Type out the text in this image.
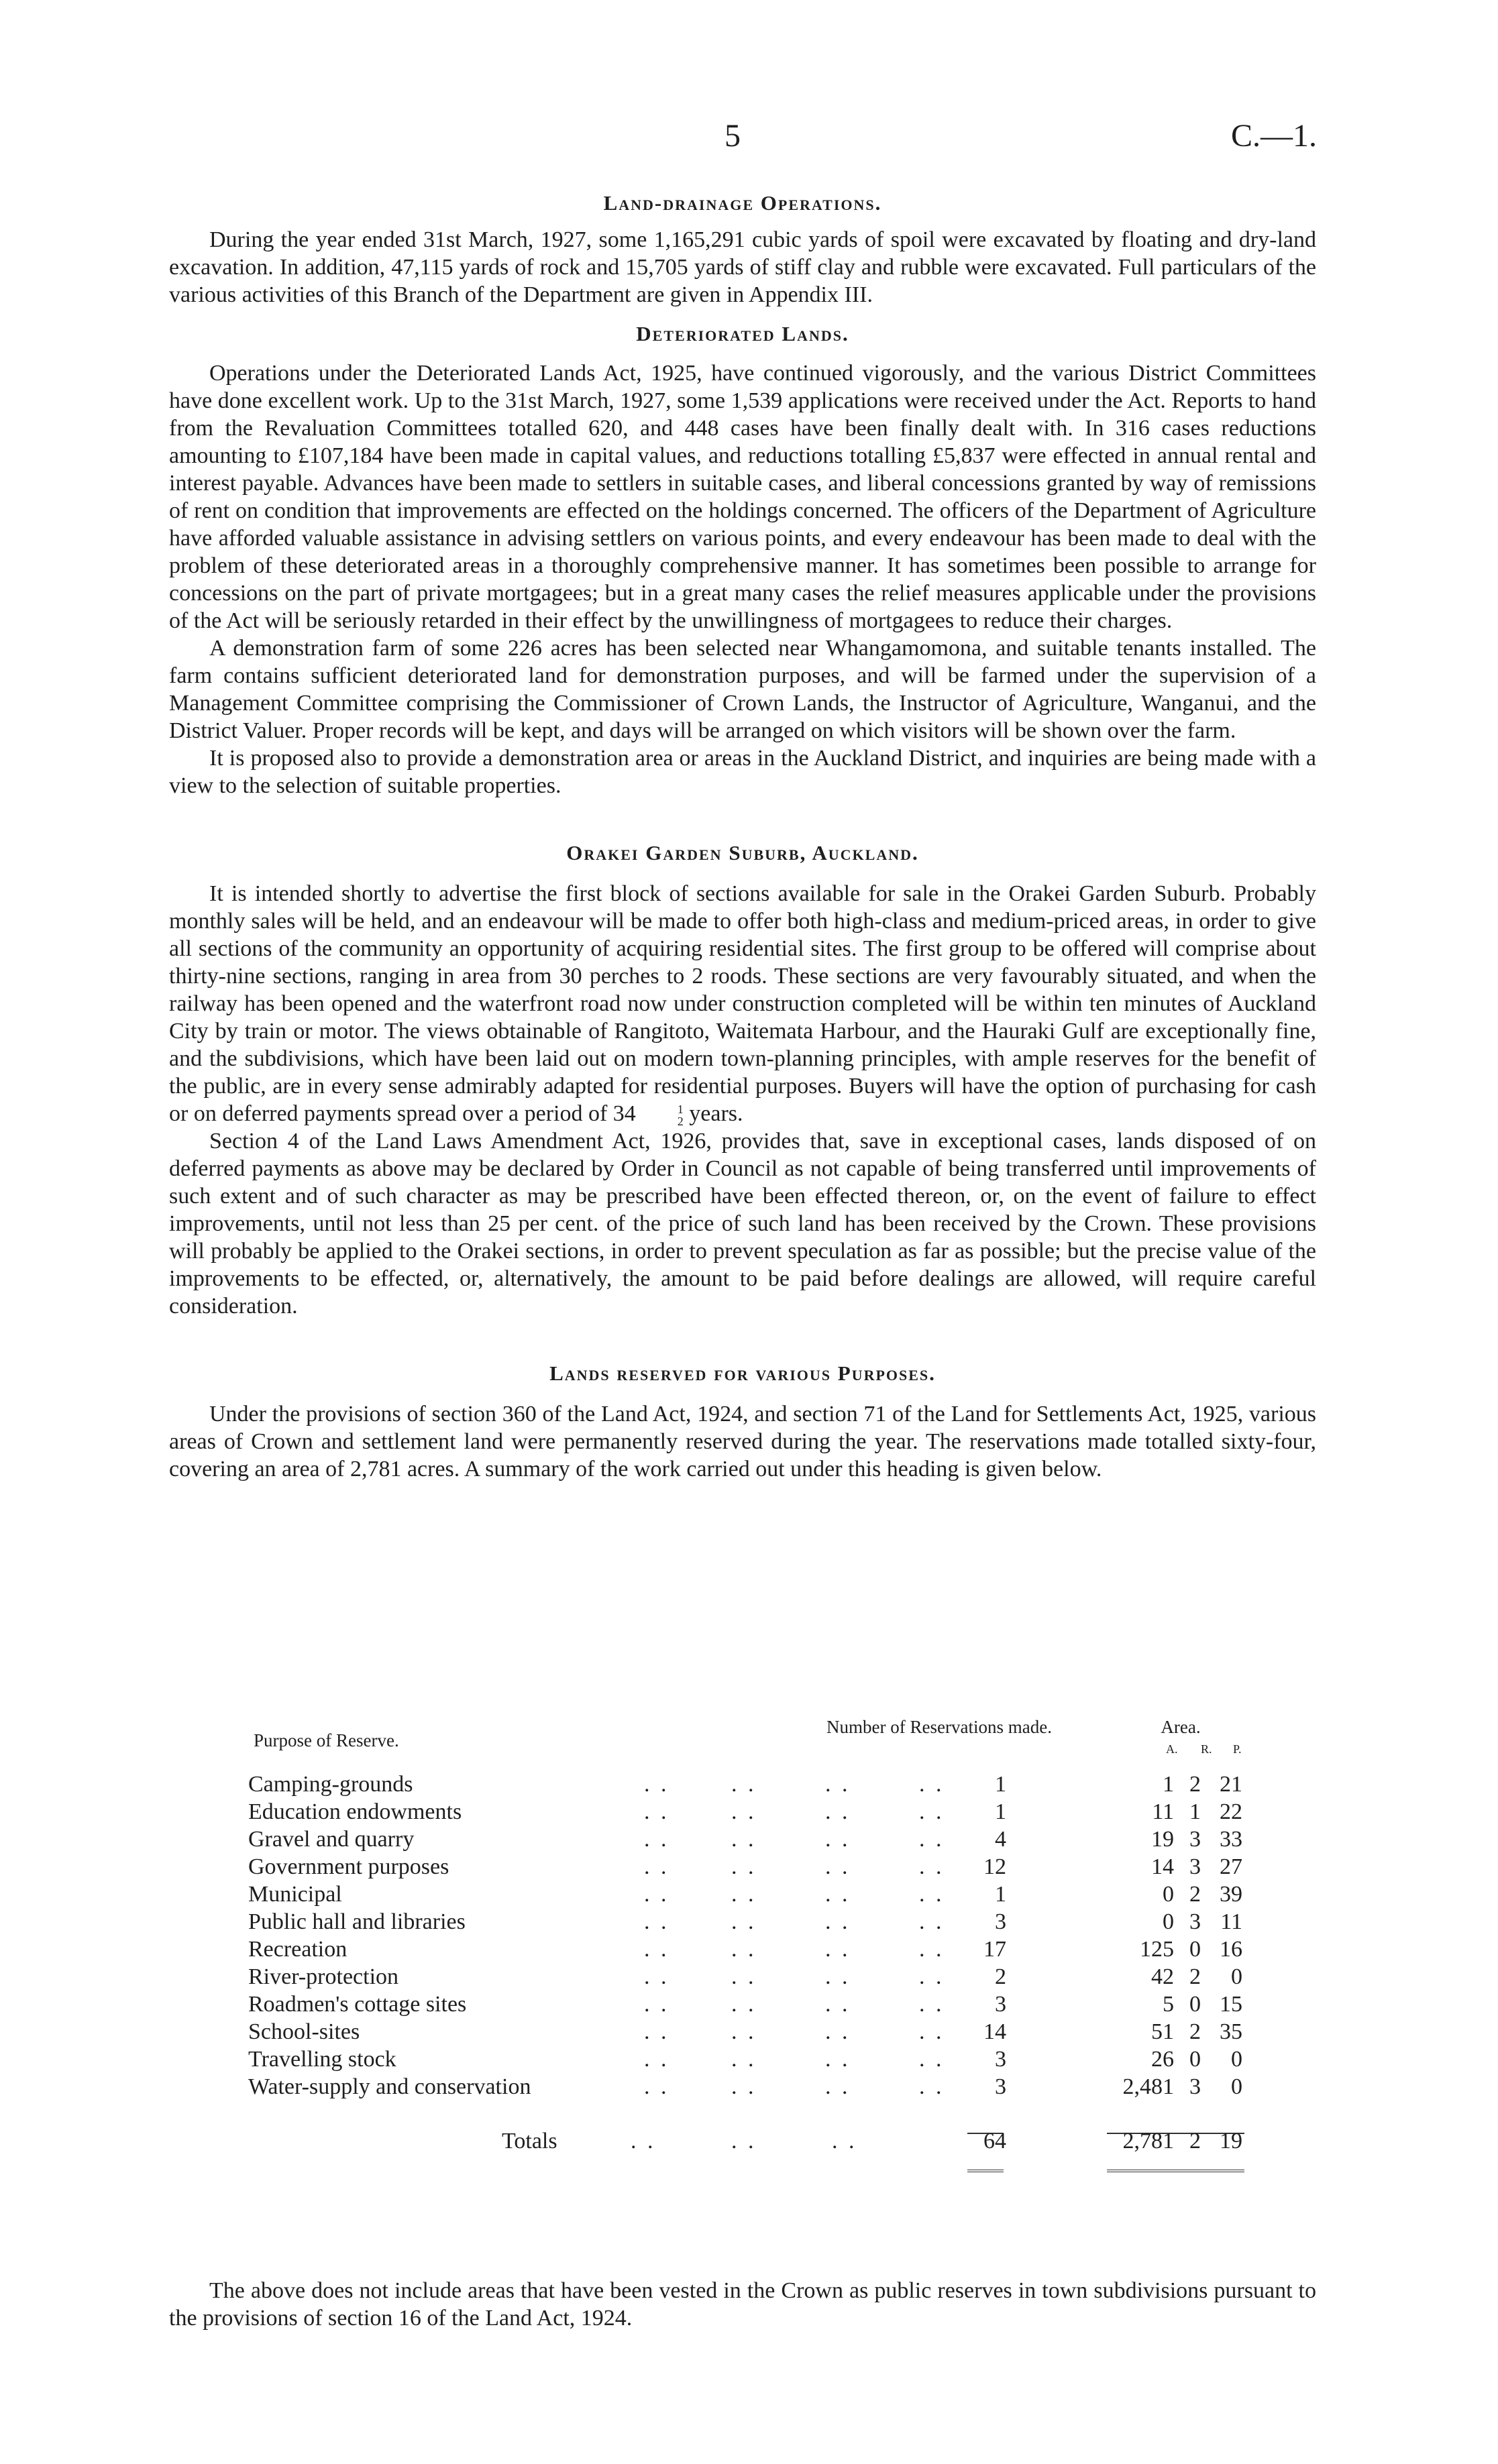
5	C.—1.
Land-drainage Operations.

During the year ended 31st March, 1927, some 1,165,291 cubic yards of spoil were excavated by floating and dry-land excavation. In addition, 47,115 yards of rock and 15,705 yards of stiff clay and rubble were excavated. Full particulars of the various activities of this Branch of the Department are given in Appendix III.

Deteriorated Lands.

Operations under the Deteriorated Lands Act, 1925, have continued vigorously, and the various District Committees have done excellent work. Up to the 31st March, 1927, some 1,539 applications were received under the Act. Reports to hand from the Revaluation Committees totalled 620, and 448 cases have been finally dealt with. In 316 cases reductions amounting to £107,184 have been made in capital values, and reductions totalling £5,837 were effected in annual rental and interest payable. Advances have been made to settlers in suitable cases, and liberal concessions granted by way of remissions of rent on condition that improvements are effected on the holdings concerned. The officers of the Department of Agriculture have afforded valuable assistance in advising settlers on various points, and every endeavour has been made to deal with the problem of these deteriorated areas in a thoroughly comprehensive manner. It has sometimes been possible to arrange for concessions on the part of private mortgagees; but in a great many cases the relief measures applicable under the provisions of the Act will be seriously retarded in their effect by the unwillingness of mortgagees to reduce their charges.

A demonstration farm of some 226 acres has been selected near Whangamomona, and suitable tenants installed. The farm contains sufficient deteriorated land for demonstration purposes, and will be farmed under the supervision of a Management Committee comprising the Commissioner of Crown Lands, the Instructor of Agriculture, Wanganui, and the District Valuer. Proper records will be kept, and days will be arranged on which visitors will be shown over the farm.

It is proposed also to provide a demonstration area or areas in the Auckland District, and inquiries are being made with a view to the selection of suitable properties.

Orakei Garden Suburb, Auckland.

It is intended shortly to advertise the first block of sections available for sale in the Orakei Garden Suburb. Probably monthly sales will be held, and an endeavour will be made to offer both high-class and medium-priced areas, in order to give all sections of the community an opportunity of acquiring residential sites. The first group to be offered will comprise about thirty-nine sections, ranging in area from 30 perches to 2 roods. These sections are very favourably situated, and when the railway has been opened and the waterfront road now under construction completed will be within ten minutes of Auckland City by train or motor. The views obtainable of Rangitoto, Waitemata Harbour, and the Hauraki Gulf are exceptionally fine, and the subdivisions, which have been laid out on modern town-planning principles, with ample reserves for the benefit of the public, are in every sense admirably adapted for residential purposes. Buyers will have the option of purchasing for cash or on deferred payments spread over a period of 34	1
2 years.

Section 4 of the Land Laws Amendment Act, 1926, provides that, save in exceptional cases, lands disposed of on deferred payments as above may be declared by Order in Council as not capable of being transferred until improvements of such extent and of such character as may be prescribed have been effected thereon, or, on the event of failure to effect improvements, until not less than 25 per cent. of the price of such land has been received by the Crown. These provisions will probably be applied to the Orakei sections, in order to prevent speculation as far as possible; but the precise value of the improvements to be effected, or, alternatively, the amount to be paid before dealings are allowed, will require careful consideration.

Lands reserved for various Purposes.

Under the provisions of section 360 of the Land Act, 1924, and section 71 of the Land for Settlements Act, 1925, various areas of Crown and settlement land were permanently reserved during the year. The reservations made totalled sixty-four, covering an area of 2,781 acres. A summary of the work carried out under this heading is given below.

Purpose of Reserve.
Number of Reservations made.	Area.
A. R. P.
Camping-grounds	1	1 2 21
. .	. .	. .	. .
Education endowments	1	11 1 22
. .	. .	. .	. .
Gravel and quarry	4	19 3 33
. .	. .	. .	. .
Government purposes	12	14 3 27
. .	. .	. .	. .
Municipal	1	0 2 39
. .	. .	. .	. .
Public hall and libraries	3	0 3 11
. .	. .	. .	. .
Recreation	17	125 0 16
. .	. .	. .	. .
River-protection	2	42 2	0
. .	. .	. .	. .
Roadmen's cottage sites	3	5 0 15
. .	. .	. .	. .
School-sites	14	51 2 35
. .	. .	. .	. .
Travelling stock	3	26 0	0
. .	. .	. .	. .
Water-supply and conservation	3	2,481 3	0
. .	. .	. .	. .
Totals	. .         . .         . .	64	2,781 2 19

The above does not include areas that have been vested in the Crown as public reserves in town subdivisions pursuant to the provisions of section 16 of the Land Act, 1924.
